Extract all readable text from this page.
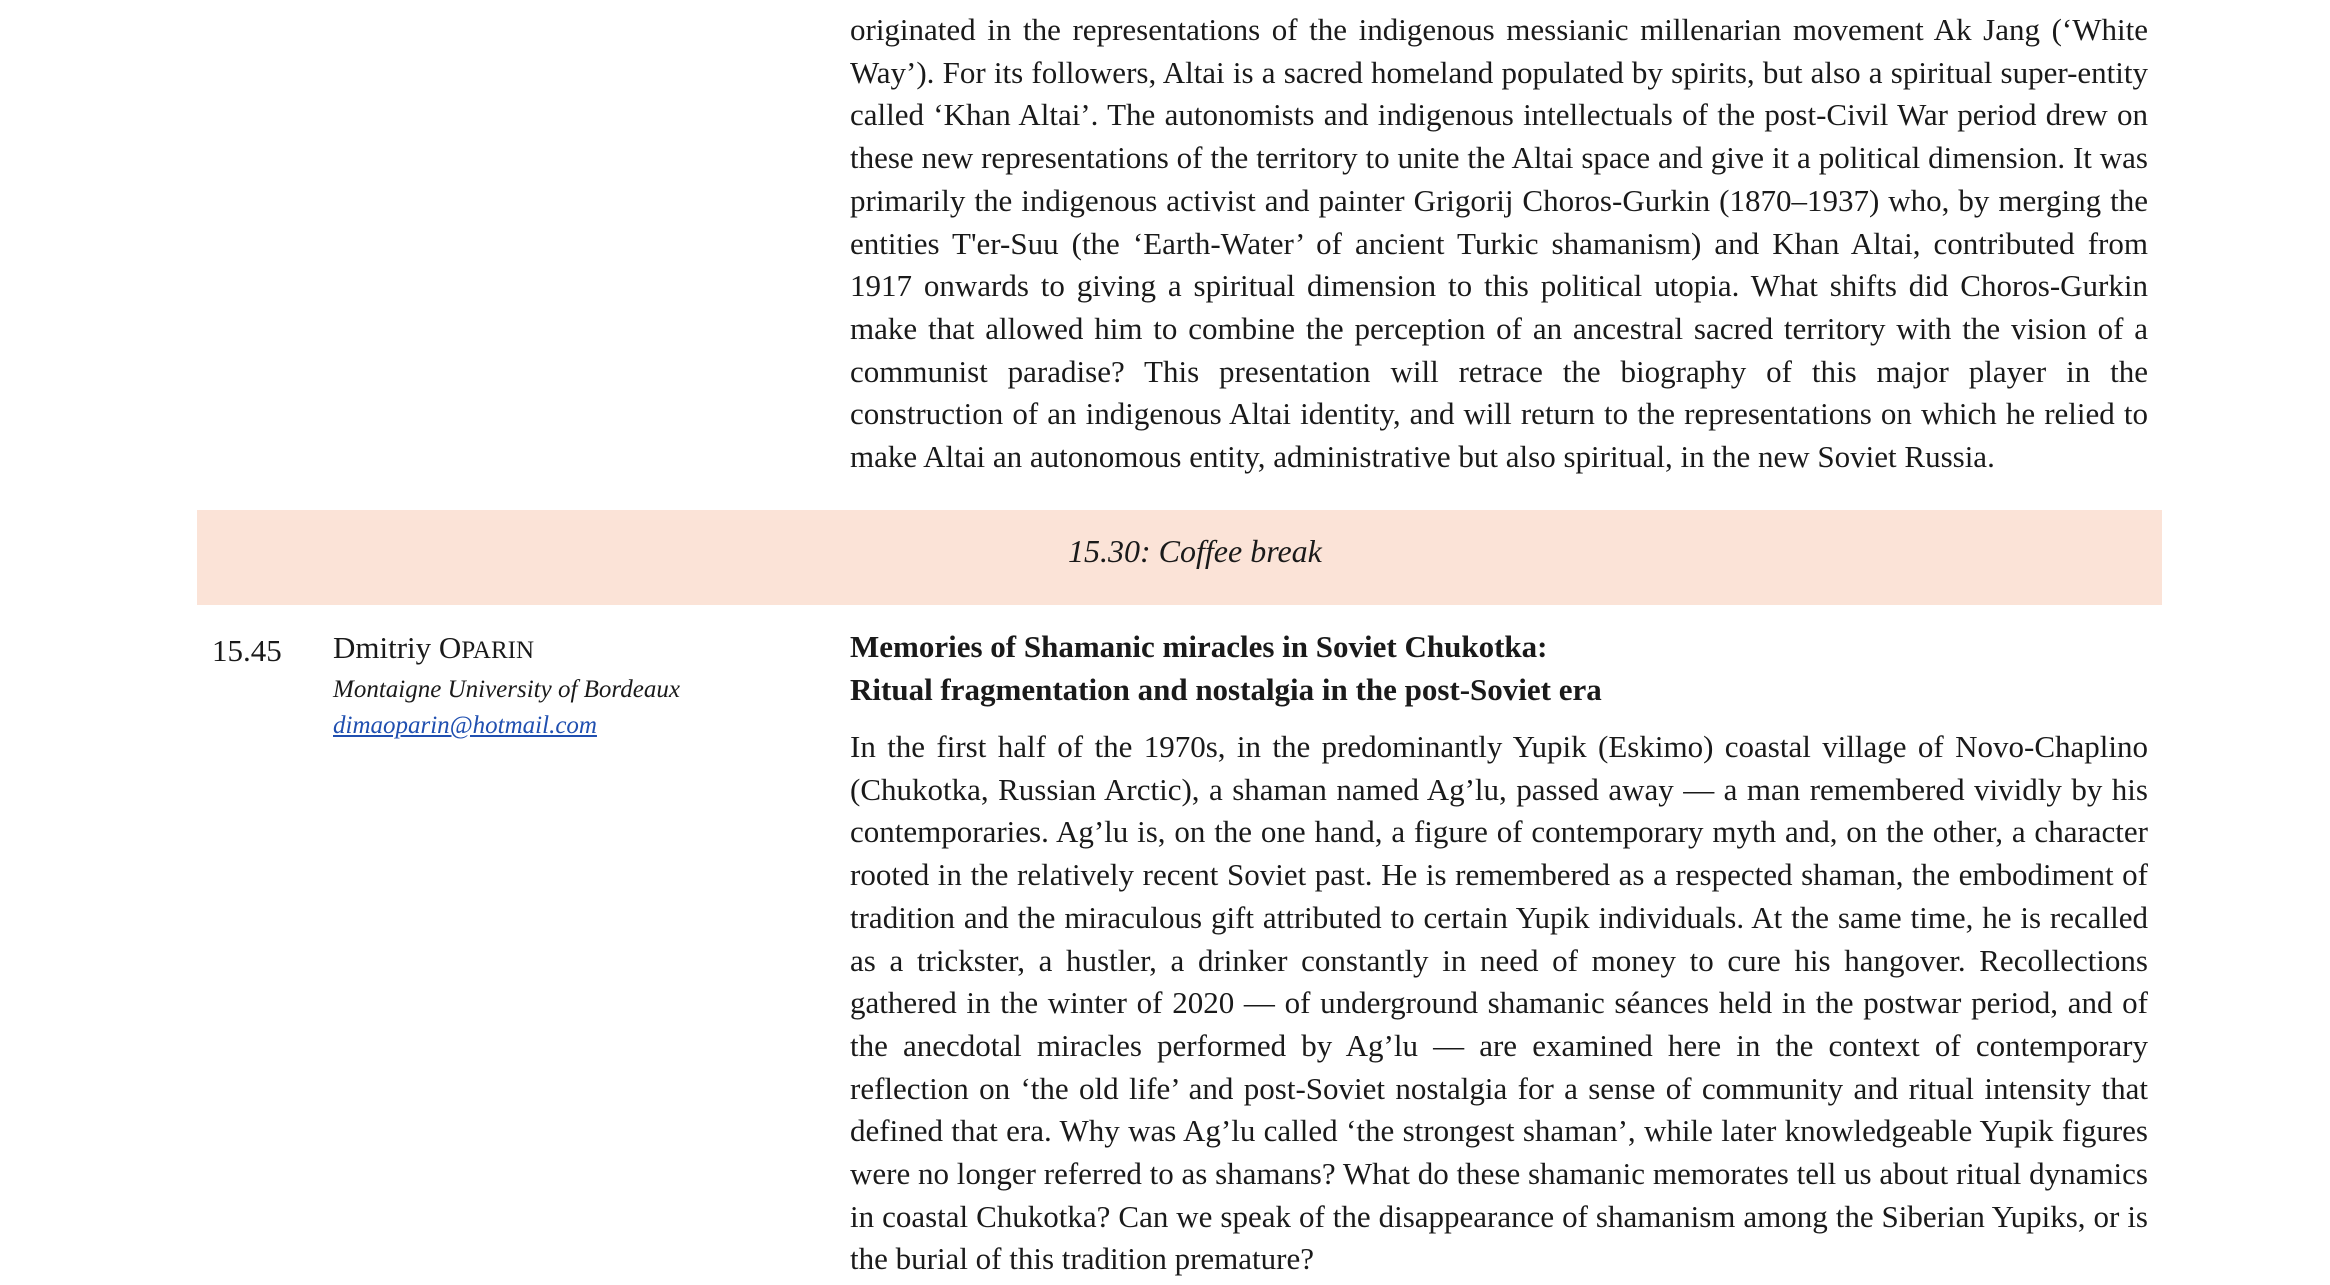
originated in the representations of the indigenous messianic millenarian movement Ak Jang (‘White Way’). For its followers, Altai is a sacred homeland populated by spirits, but also a spiritual super-entity called ‘Khan Altai’. The autonomists and indigenous intellectuals of the post-Civil War period drew on these new representations of the territory to unite the Altai space and give it a political dimension. It was primarily the indigenous activist and painter Grigorij Choros-Gurkin (1870–1937) who, by merging the entities T'er-Suu (the ‘Earth-Water’ of ancient Turkic shamanism) and Khan Altai, contributed from 1917 onwards to giving a spiritual dimension to this political utopia. What shifts did Choros-Gurkin make that allowed him to combine the perception of an ancestral sacred territory with the vision of a communist paradise? This presentation will retrace the biography of this major player in the construction of an indigenous Altai identity, and will return to the representations on which he relied to make Altai an autonomous entity, administrative but also spiritual, in the new Soviet Russia.

15.30: Coffee break
15.45 Dmitriy OPARIN
Montaigne University of Bordeaux
dimaoparin@hotmail.com
Memories of Shamanic miracles in Soviet Chukotka:
Ritual fragmentation and nostalgia in the post-Soviet era

In the first half of the 1970s, in the predominantly Yupik (Eskimo) coastal village of Novo-Chaplino (Chukotka, Russian Arctic), a shaman named Ag’lu, passed away — a man remembered vividly by his contemporaries. Ag’lu is, on the one hand, a figure of contemporary myth and, on the other, a character rooted in the relatively recent Soviet past. He is remembered as a respected shaman, the embodiment of tradition and the miraculous gift attributed to certain Yupik individuals. At the same time, he is recalled as a trickster, a hustler, a drinker constantly in need of money to cure his hangover. Recollections gathered in the winter of 2020 — of underground shamanic séances held in the postwar period, and of the anecdotal miracles performed by Ag’lu — are examined here in the context of contemporary reflection on ‘the old life’ and post-Soviet nostalgia for a sense of community and ritual intensity that defined that era. Why was Ag’lu called ‘the strongest shaman’, while later knowledgeable Yupik figures were no longer referred to as shamans? What do these shamanic memorates tell us about ritual dynamics in coastal Chukotka? Can we speak of the disappearance of shamanism among the Siberian Yupiks, or is the burial of this tradition premature?
